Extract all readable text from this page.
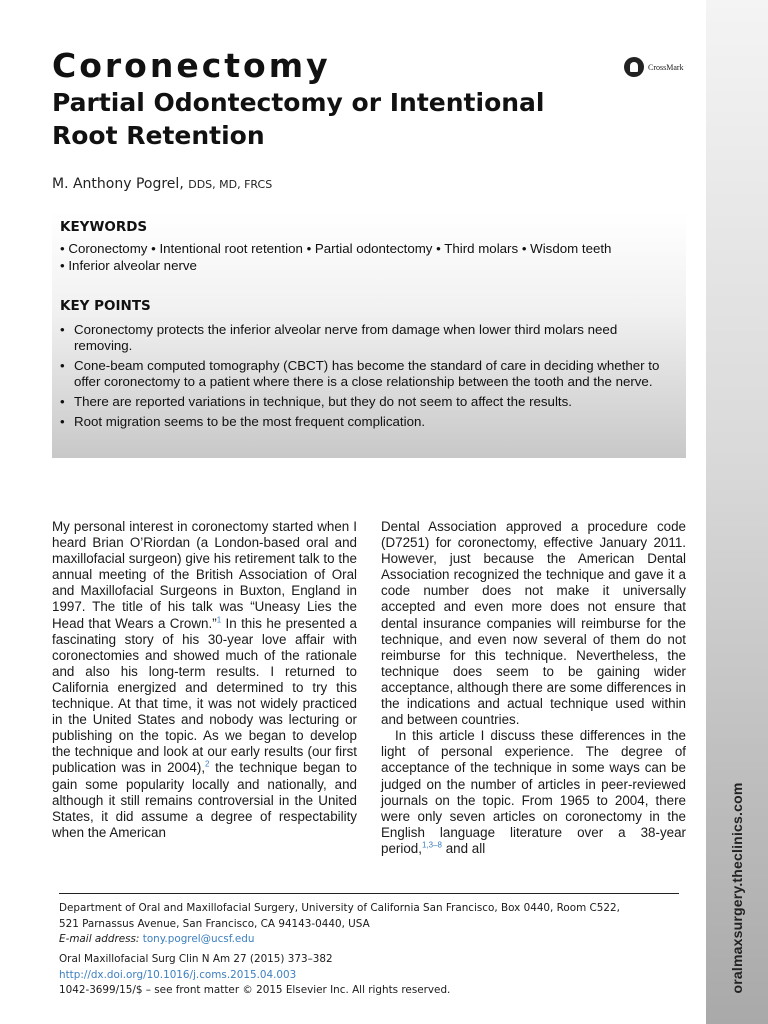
oralmaxsurgery.theclinics.com
Coronectomy
Partial Odontectomy or Intentional Root Retention
CrossMark

M. Anthony Pogrel, DDS, MD, FRCS

KEYWORDS

• Coronectomy • Intentional root retention • Partial odontectomy • Third molars • Wisdom teeth

• Inferior alveolar nerve

KEY POINTS
• Coronectomy protects the inferior alveolar nerve from damage when lower third molars need removing.
• Cone-beam computed tomography (CBCT) has become the standard of care in deciding whether to offer coronectomy to a patient where there is a close relationship between the tooth and the nerve.
• There are reported variations in technique, but they do not seem to affect the results.
• Root migration seems to be the most frequent complication.

My personal interest in coronectomy started when I heard Brian O’Riordan (a London-based oral and maxillofacial surgeon) give his retirement talk to the annual meeting of the British Association of Oral and Maxillofacial Surgeons in Buxton, England in 1997. The title of his talk was “Uneasy Lies the Head that Wears a Crown.”$^1$ In this he presented a fascinating story of his 30-year love affair with coronectomies and showed much of the rationale and also his long-term results. I returned to California energized and determined to try this technique. At that time, it was not widely practiced in the United States and nobody was lecturing or publishing on the topic. As we began to develop the technique and look at our early results (our first publication was in 2004),$^2$ the technique began to gain some popularity locally and nationally, and although it still remains controversial in the United States, it did assume a degree of respectability when the American

Dental Association approved a procedure code (D7251) for coronectomy, effective January 2011. However, just because the American Dental Association recognized the technique and gave it a code number does not make it universally accepted and even more does not ensure that dental insurance companies will reimburse for the technique, and even now several of them do not reimburse for this technique. Nevertheless, the technique does seem to be gaining wider acceptance, although there are some differences in the indications and actual technique used within and between countries.

In this article I discuss these differences in the light of personal experience. The degree of acceptance of the technique in some ways can be judged on the number of articles in peer-reviewed journals on the topic. From 1965 to 2004, there were only seven articles on coronectomy in the English language literature over a 38-year period,$^{1,3-8}$ and all

Department of Oral and Maxillofacial Surgery, University of California San Francisco, Box 0440, Room C522,
521 Parnassus Avenue, San Francisco, CA 94143-0440, USA
E-mail address: tony.pogrel@ucsf.edu

Oral Maxillofacial Surg Clin N Am 27 (2015) 373–382
http://dx.doi.org/10.1016/j.coms.2015.04.003
1042-3699/15/$ – see front matter © 2015 Elsevier Inc. All rights reserved.
